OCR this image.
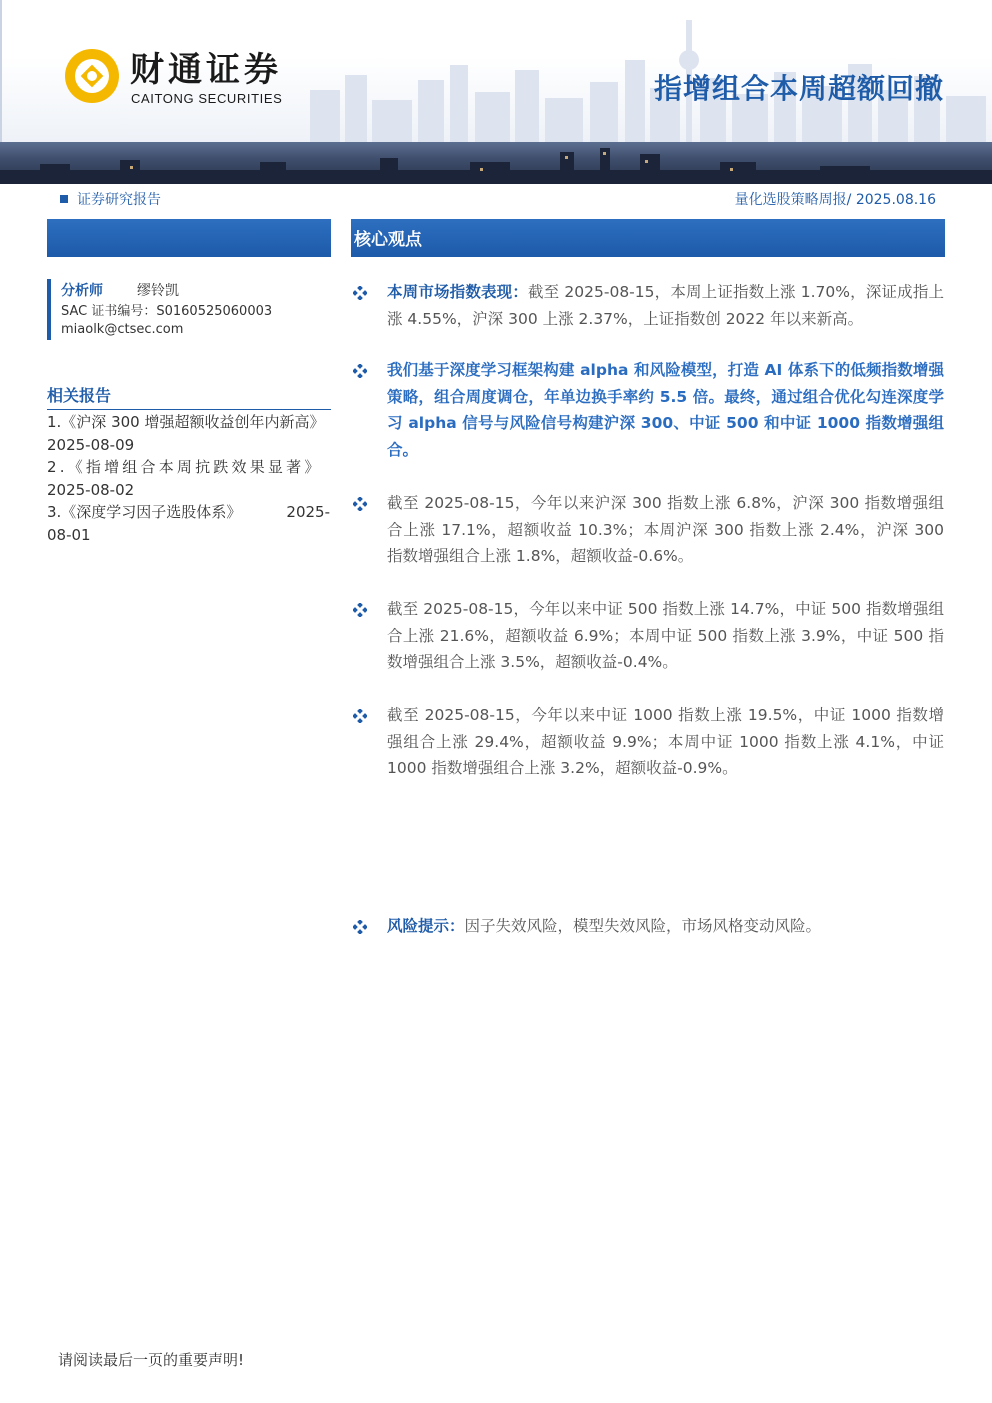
财通证券
CAITONG SECURITIES	指增组合本周超额回撤
证券研究报告	量化选股策略周报/ 2025.08.16
分析师 缪铃凯
SAC 证书编号：S0160525060003
miaolk@ctsec.com
相关报告

1.《沪深 300 增强超额收益创年内新高》
2025-08-09

2.《指增组合本周抗跌效果显著》
2025-08-02

3.《深度学习因子选股体系》	2025-
08-01

核心观点

本周市场指数表现：截至 2025-08-15，本周上证指数上涨 1.70%，深证成指上涨 4.55%，沪深 300 上涨 2.37%，上证指数创 2022 年以来新高。

我们基于深度学习框架构建 alpha 和风险模型，打造 AI 体系下的低频指数增强策略，组合周度调仓，年单边换手率约 5.5 倍。最终，通过组合优化勾连深度学习 alpha 信号与风险信号构建沪深 300、中证 500 和中证 1000 指数增强组合。

截至 2025-08-15，今年以来沪深 300 指数上涨 6.8%，沪深 300 指数增强组合上涨 17.1%，超额收益 10.3%；本周沪深 300 指数上涨 2.4%，沪深 300 指数增强组合上涨 1.8%，超额收益-0.6%。

截至 2025-08-15，今年以来中证 500 指数上涨 14.7%，中证 500 指数增强组合上涨 21.6%，超额收益 6.9%；本周中证 500 指数上涨 3.9%，中证 500 指数增强组合上涨 3.5%，超额收益-0.4%。

截至 2025-08-15，今年以来中证 1000 指数上涨 19.5%，中证 1000 指数增强组合上涨 29.4%，超额收益 9.9%；本周中证 1000 指数上涨 4.1%，中证 1000 指数增强组合上涨 3.2%，超额收益-0.9%。

风险提示：因子失效风险，模型失效风险，市场风格变动风险。

请阅读最后一页的重要声明!
